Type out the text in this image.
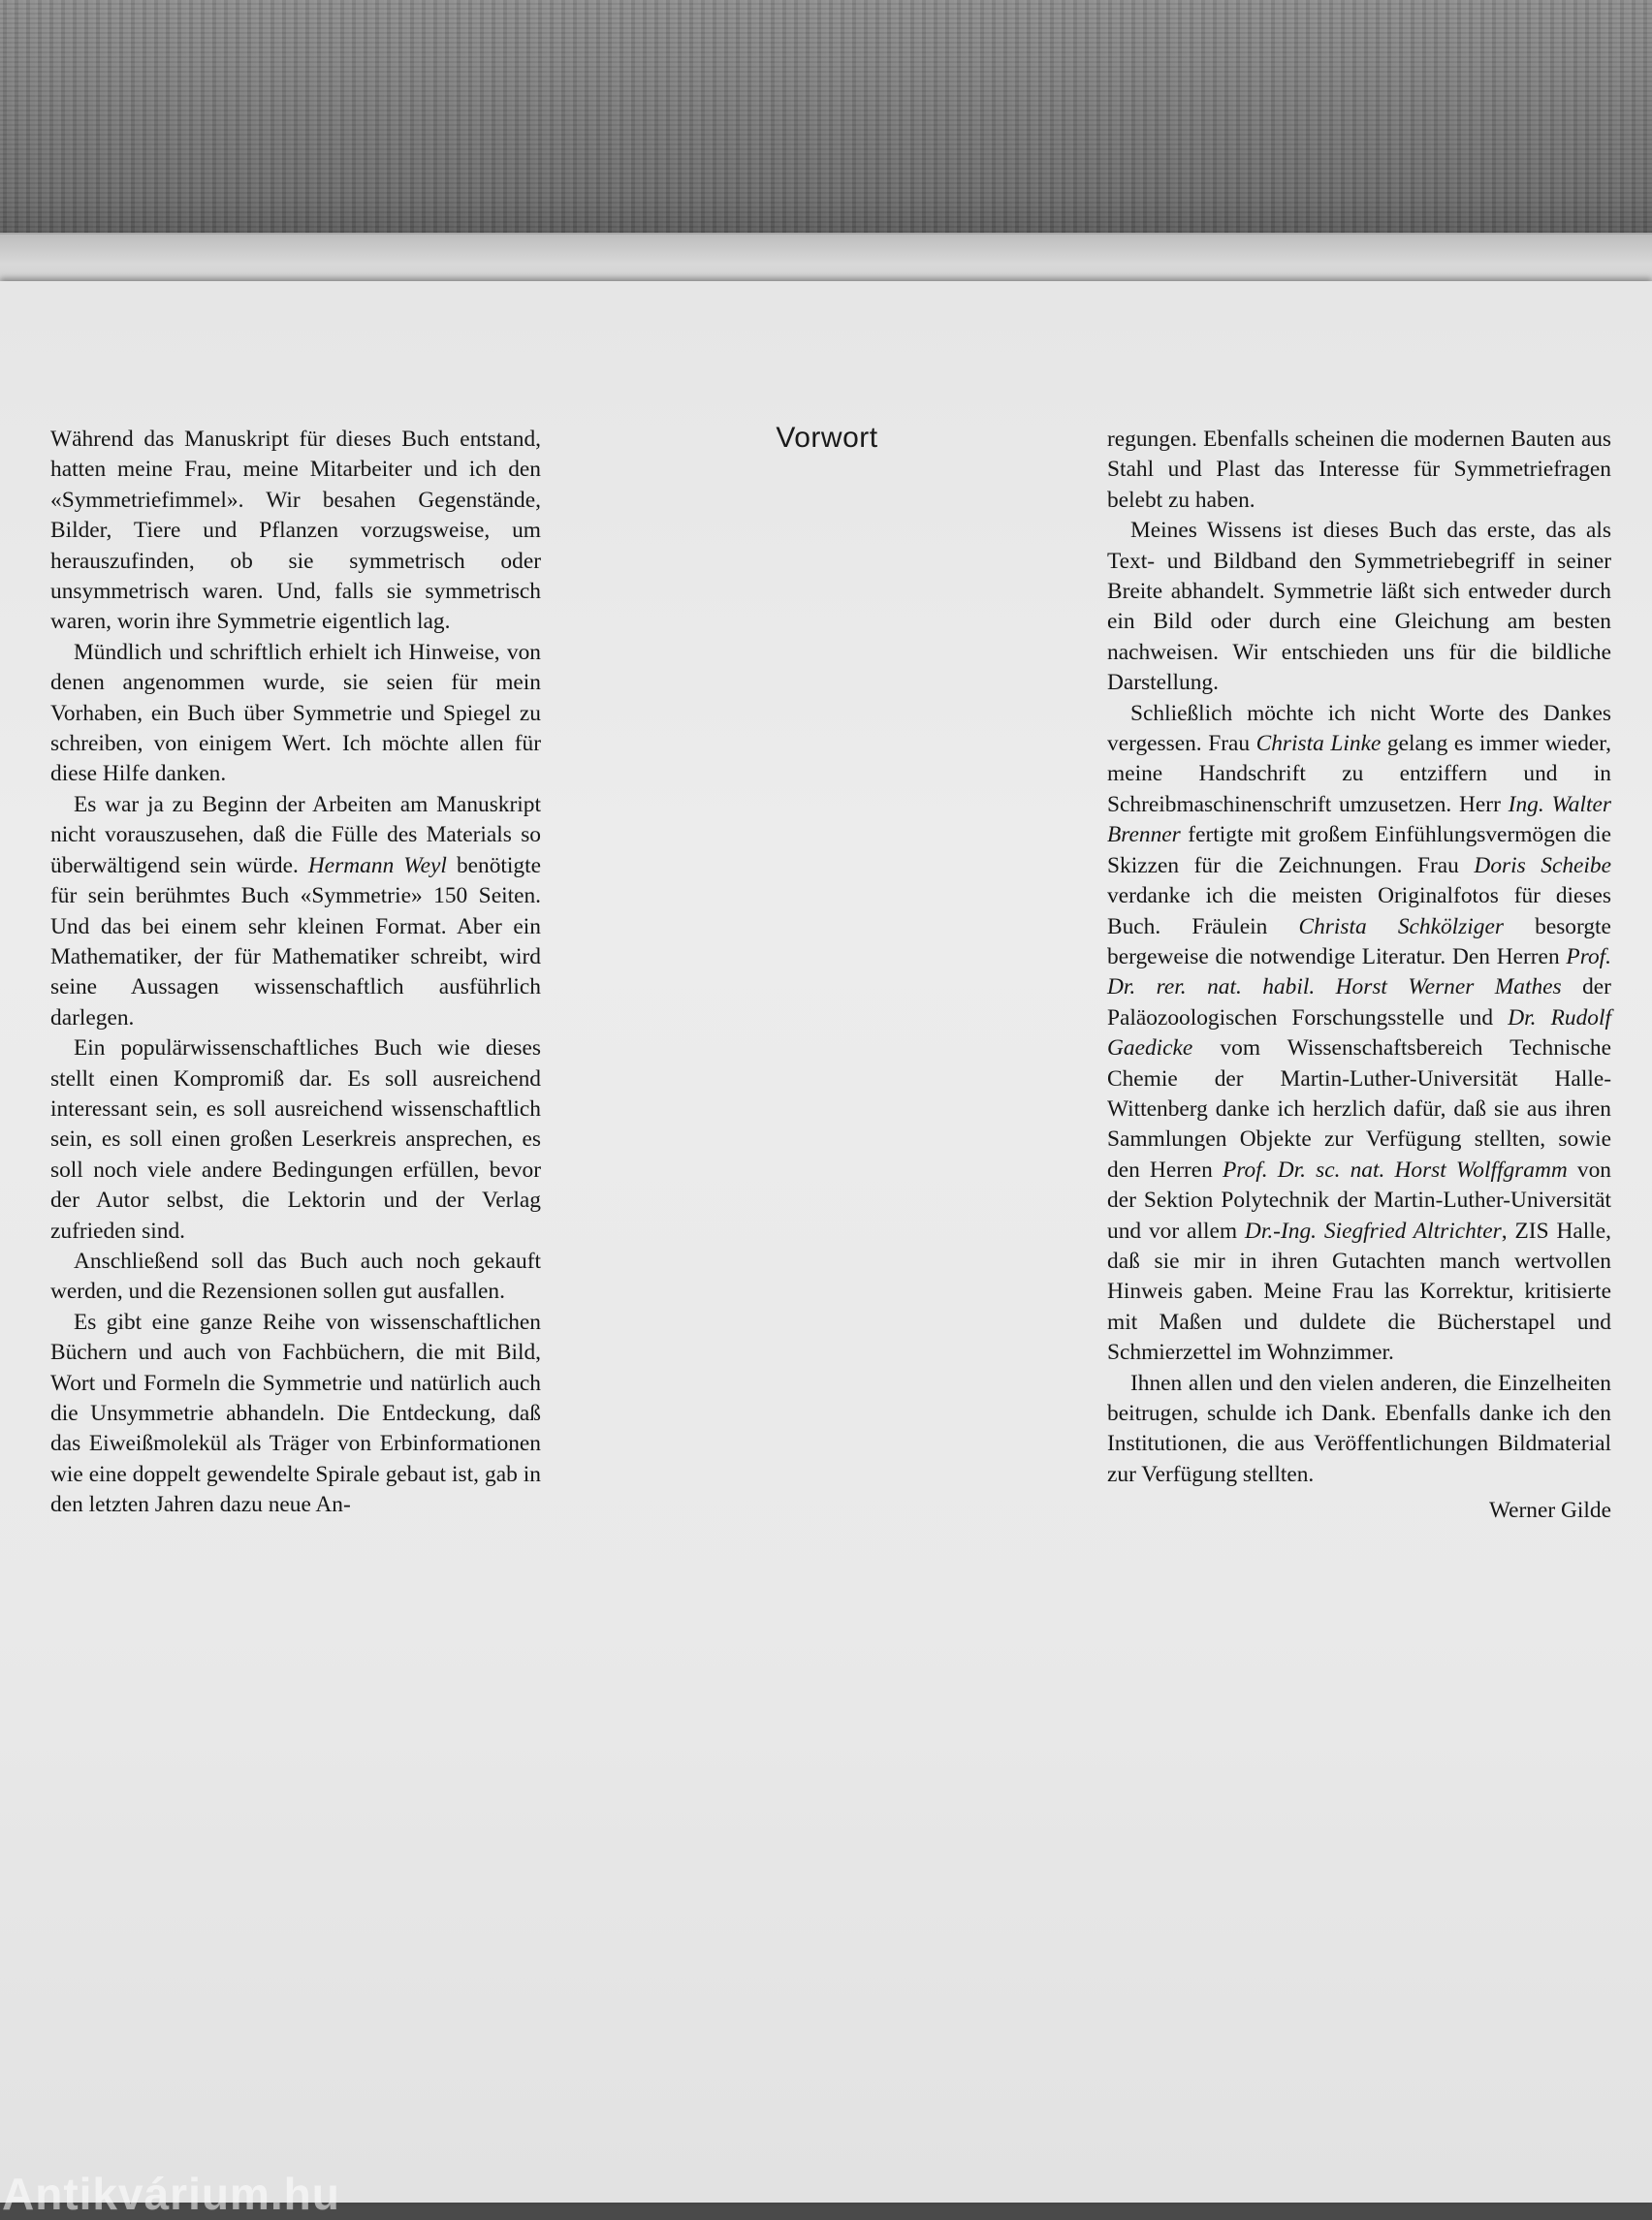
Während das Manuskript für dieses Buch entstand, hatten meine Frau, meine Mitarbeiter und ich den «Symmetriefimmel». Wir besahen Gegenstände, Bilder, Tiere und Pflanzen vorzugsweise, um herauszufinden, ob sie symmetrisch oder unsymmetrisch waren. Und, falls sie symmetrisch waren, worin ihre Symmetrie eigentlich lag.

Mündlich und schriftlich erhielt ich Hinweise, von denen angenommen wurde, sie seien für mein Vorhaben, ein Buch über Symmetrie und Spiegel zu schreiben, von einigem Wert. Ich möchte allen für diese Hilfe danken.

Es war ja zu Beginn der Arbeiten am Manuskript nicht vorauszusehen, daß die Fülle des Materials so überwältigend sein würde. Hermann Weyl benötigte für sein berühmtes Buch «Symmetrie» 150 Seiten. Und das bei einem sehr kleinen Format. Aber ein Mathematiker, der für Mathematiker schreibt, wird seine Aussagen wissenschaftlich ausführlich darlegen.

Ein populärwissenschaftliches Buch wie dieses stellt einen Kompromiß dar. Es soll ausreichend interessant sein, es soll ausreichend wissenschaftlich sein, es soll einen großen Leserkreis ansprechen, es soll noch viele andere Bedingungen erfüllen, bevor der Autor selbst, die Lektorin und der Verlag zufrieden sind.

Anschließend soll das Buch auch noch gekauft werden, und die Rezensionen sollen gut ausfallen.

Es gibt eine ganze Reihe von wissenschaftlichen Büchern und auch von Fachbüchern, die mit Bild, Wort und Formeln die Symmetrie und natürlich auch die Unsymmetrie abhandeln. Die Entdeckung, daß das Eiweißmolekül als Träger von Erbinformationen wie eine doppelt gewendelte Spirale gebaut ist, gab in den letzten Jahren dazu neue An-

Vorwort	regungen. Ebenfalls scheinen die modernen Bauten aus Stahl und Plast das Interesse für Symmetriefragen belebt zu haben.

Meines Wissens ist dieses Buch das erste, das als Text- und Bildband den Symmetriebegriff in seiner Breite abhandelt. Symmetrie läßt sich entweder durch ein Bild oder durch eine Gleichung am besten nachweisen. Wir entschieden uns für die bildliche Darstellung.

Schließlich möchte ich nicht Worte des Dankes vergessen. Frau Christa Linke gelang es immer wieder, meine Handschrift zu entziffern und in Schreibmaschinenschrift umzusetzen. Herr Ing. Walter Brenner fertigte mit großem Einfühlungsvermögen die Skizzen für die Zeichnungen. Frau Doris Scheibe verdanke ich die meisten Originalfotos für dieses Buch. Fräulein Christa Schkölziger besorgte bergeweise die notwendige Literatur. Den Herren Prof. Dr. rer. nat. habil. Horst Werner Mathes der Paläozoologischen Forschungsstelle und Dr. Rudolf Gaedicke vom Wissenschaftsbereich Technische Chemie der Martin-Luther-Universität Halle-Wittenberg danke ich herzlich dafür, daß sie aus ihren Sammlungen Objekte zur Verfügung stellten, sowie den Herren Prof. Dr. sc. nat. Horst Wolffgramm von der Sektion Polytechnik der Martin-Luther-Universität und vor allem Dr.-Ing. Siegfried Altrichter, ZIS Halle, daß sie mir in ihren Gutachten manch wertvollen Hinweis gaben. Meine Frau las Korrektur, kritisierte mit Maßen und duldete die Bücherstapel und Schmierzettel im Wohnzimmer.

Ihnen allen und den vielen anderen, die Einzelheiten beitrugen, schulde ich Dank. Ebenfalls danke ich den Institutionen, die aus Veröffentlichungen Bildmaterial zur Verfügung stellten.

Werner Gilde

Antikvárium.hu
